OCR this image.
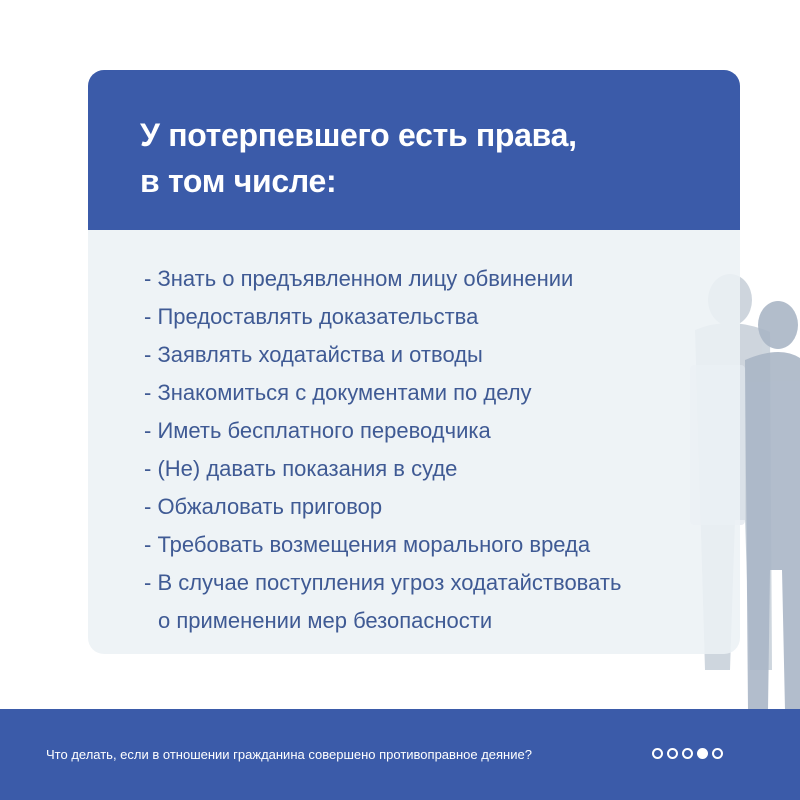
У потерпевшего есть права,
в том числе:
- Знать о предъявленном лицу обвинении
- Предоставлять доказательства
- Заявлять ходатайства и отводы
- Знакомиться с документами по делу
- Иметь бесплатного переводчика
- (Не) давать показания в суде
- Обжаловать приговор
- Требовать возмещения морального вреда
- В случае поступления угроз ходатайствовать
о применении мер безопасности
Что делать, если в отношении гражданина совершено противоправное деяние?
